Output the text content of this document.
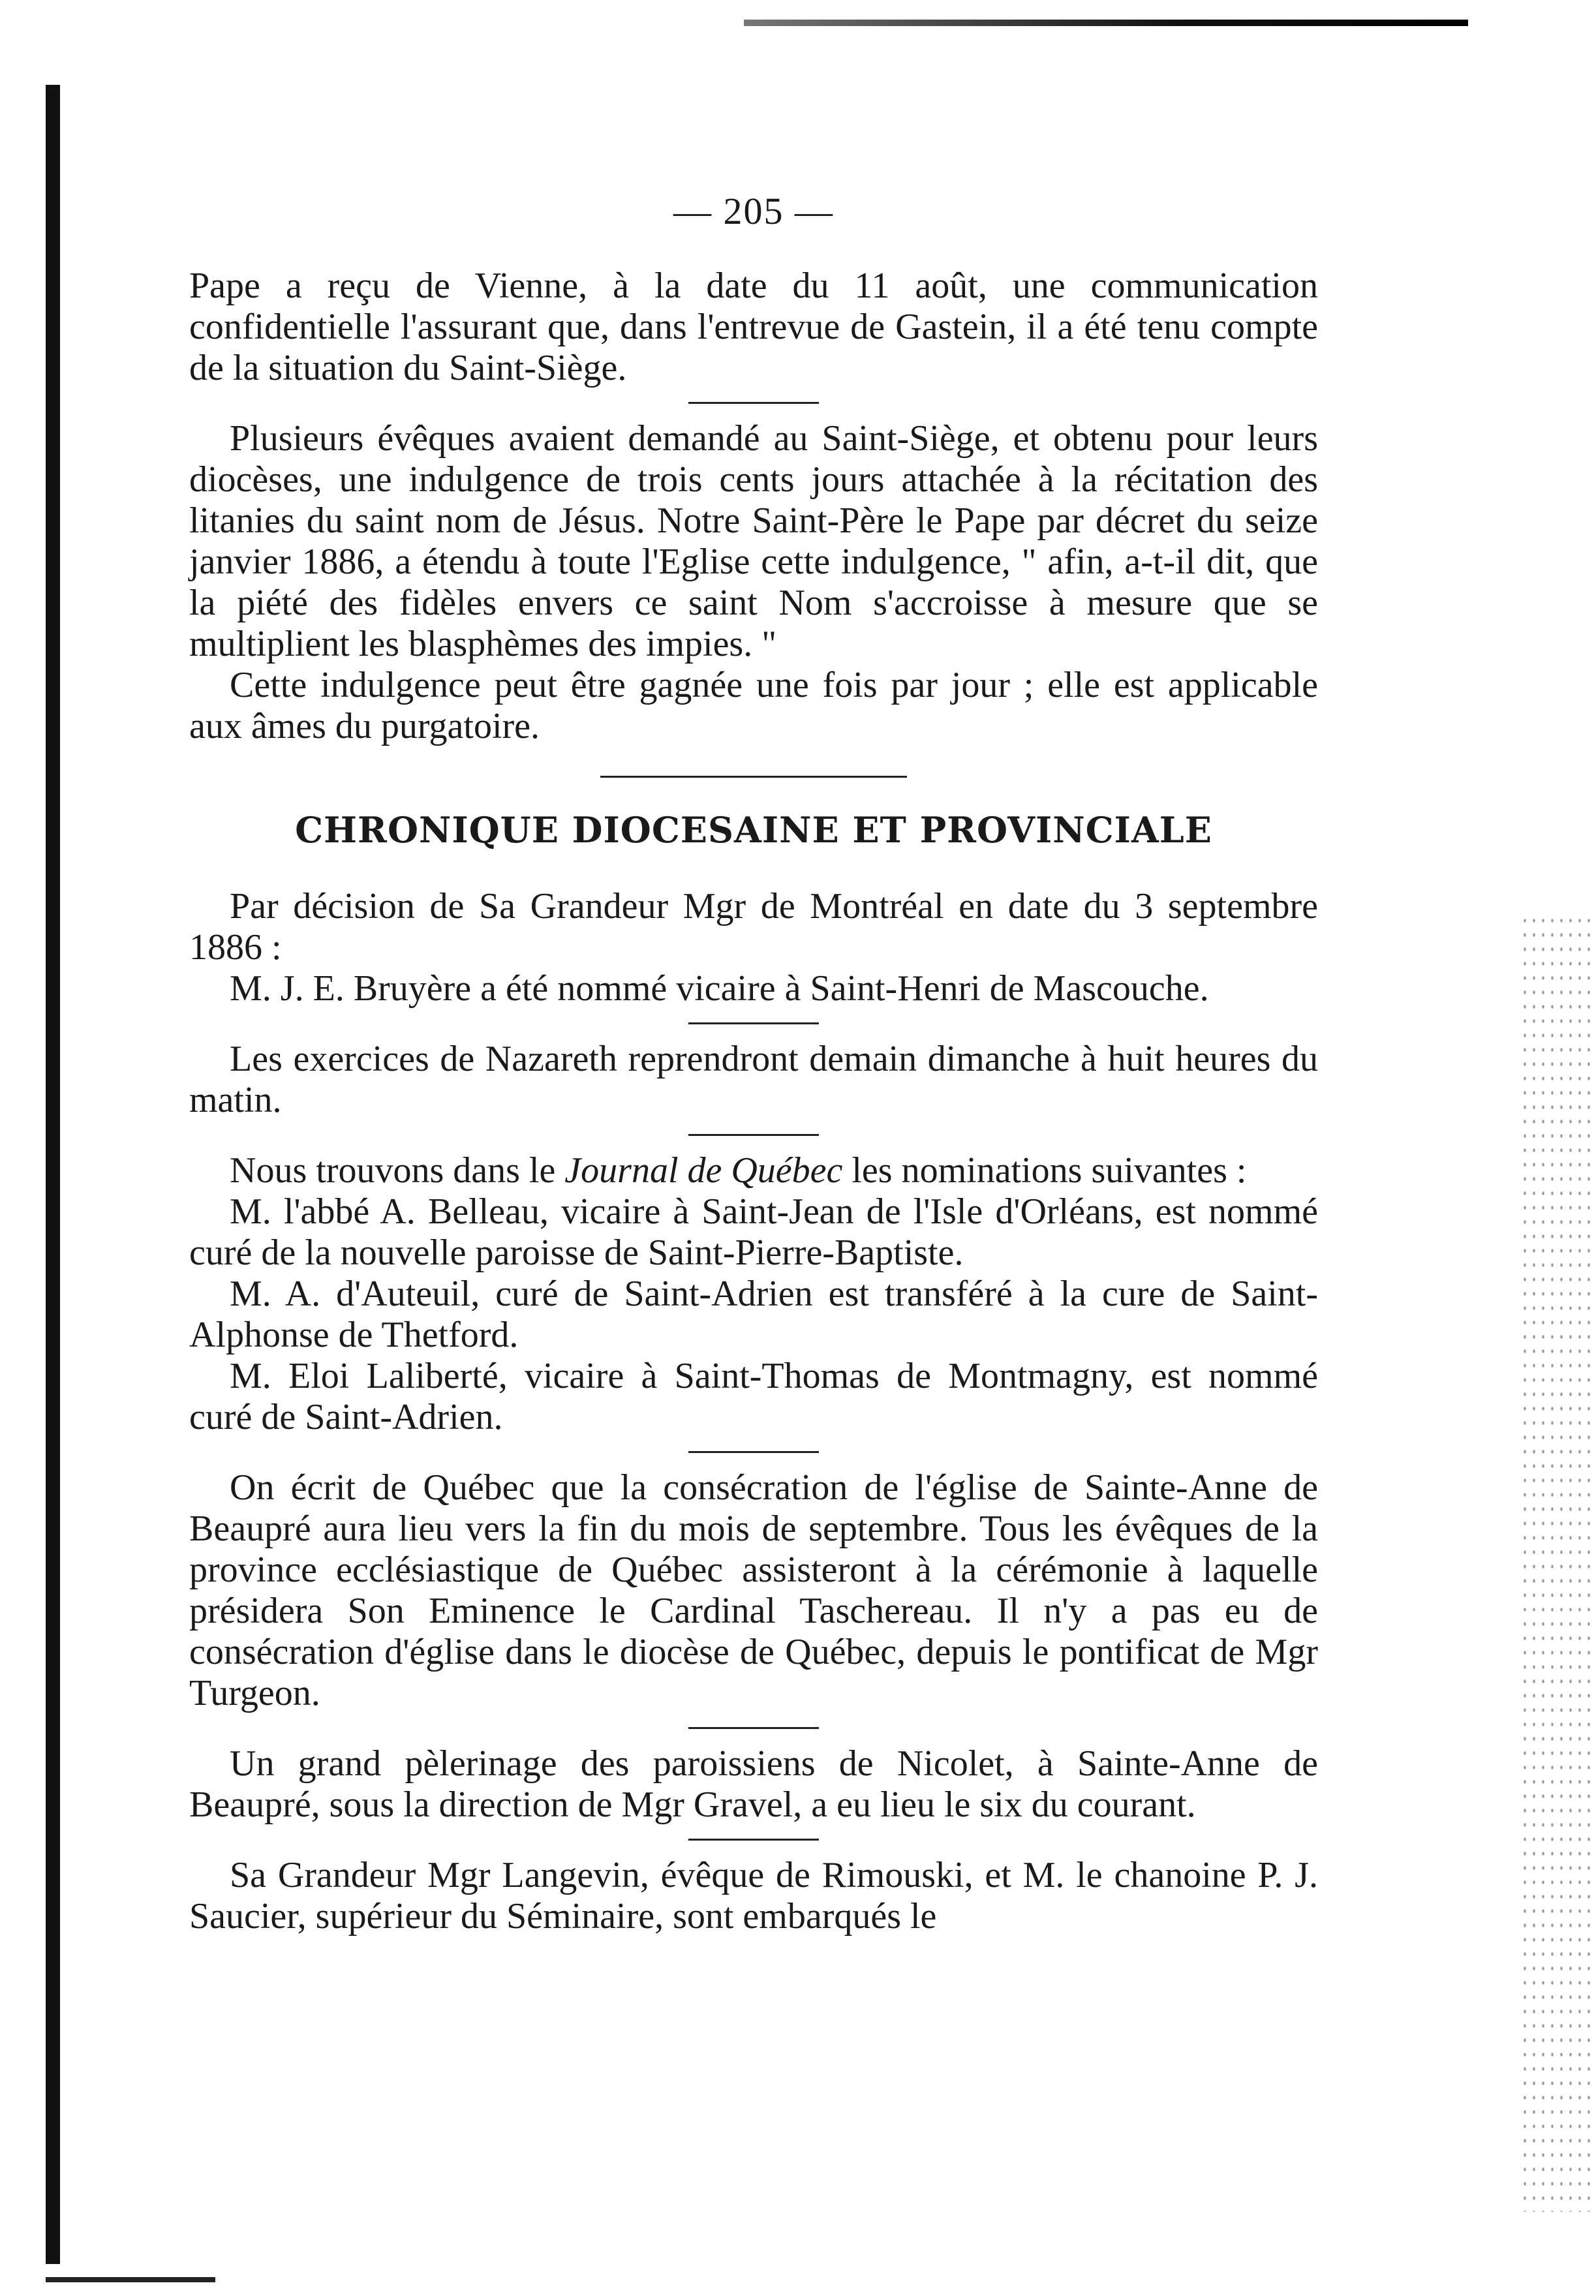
— 205 —

Pape a reçu de Vienne, à la date du 11 août, une communication confidentielle l'assurant que, dans l'entrevue de Gastein, il a été tenu compte de la situation du Saint-Siège.

Plusieurs évêques avaient demandé au Saint-Siège, et obtenu pour leurs diocèses, une indulgence de trois cents jours attachée à la récitation des litanies du saint nom de Jésus. Notre Saint-Père le Pape par décret du seize janvier 1886, a étendu à toute l'Eglise cette indulgence, " afin, a-t-il dit, que la piété des fidèles envers ce saint Nom s'accroisse à mesure que se multiplient les blasphèmes des impies. "

Cette indulgence peut être gagnée une fois par jour ; elle est applicable aux âmes du purgatoire.

CHRONIQUE DIOCESAINE ET PROVINCIALE

Par décision de Sa Grandeur Mgr de Montréal en date du 3 septembre 1886 :

M. J. E. Bruyère a été nommé vicaire à Saint-Henri de Mascouche.

Les exercices de Nazareth reprendront demain dimanche à huit heures du matin.

Nous trouvons dans le Journal de Québec les nominations suivantes :

M. l'abbé A. Belleau, vicaire à Saint-Jean de l'Isle d'Orléans, est nommé curé de la nouvelle paroisse de Saint-Pierre-Baptiste.

M. A. d'Auteuil, curé de Saint-Adrien est transféré à la cure de Saint-Alphonse de Thetford.

M. Eloi Laliberté, vicaire à Saint-Thomas de Montmagny, est nommé curé de Saint-Adrien.

On écrit de Québec que la consécration de l'église de Sainte-Anne de Beaupré aura lieu vers la fin du mois de septembre. Tous les évêques de la province ecclésiastique de Québec assisteront à la cérémonie à laquelle présidera Son Eminence le Cardinal Taschereau. Il n'y a pas eu de consécration d'église dans le diocèse de Québec, depuis le pontificat de Mgr Turgeon.

Un grand pèlerinage des paroissiens de Nicolet, à Sainte-Anne de Beaupré, sous la direction de Mgr Gravel, a eu lieu le six du courant.

Sa Grandeur Mgr Langevin, évêque de Rimouski, et M. le chanoine P. J. Saucier, supérieur du Séminaire, sont embarqués le
